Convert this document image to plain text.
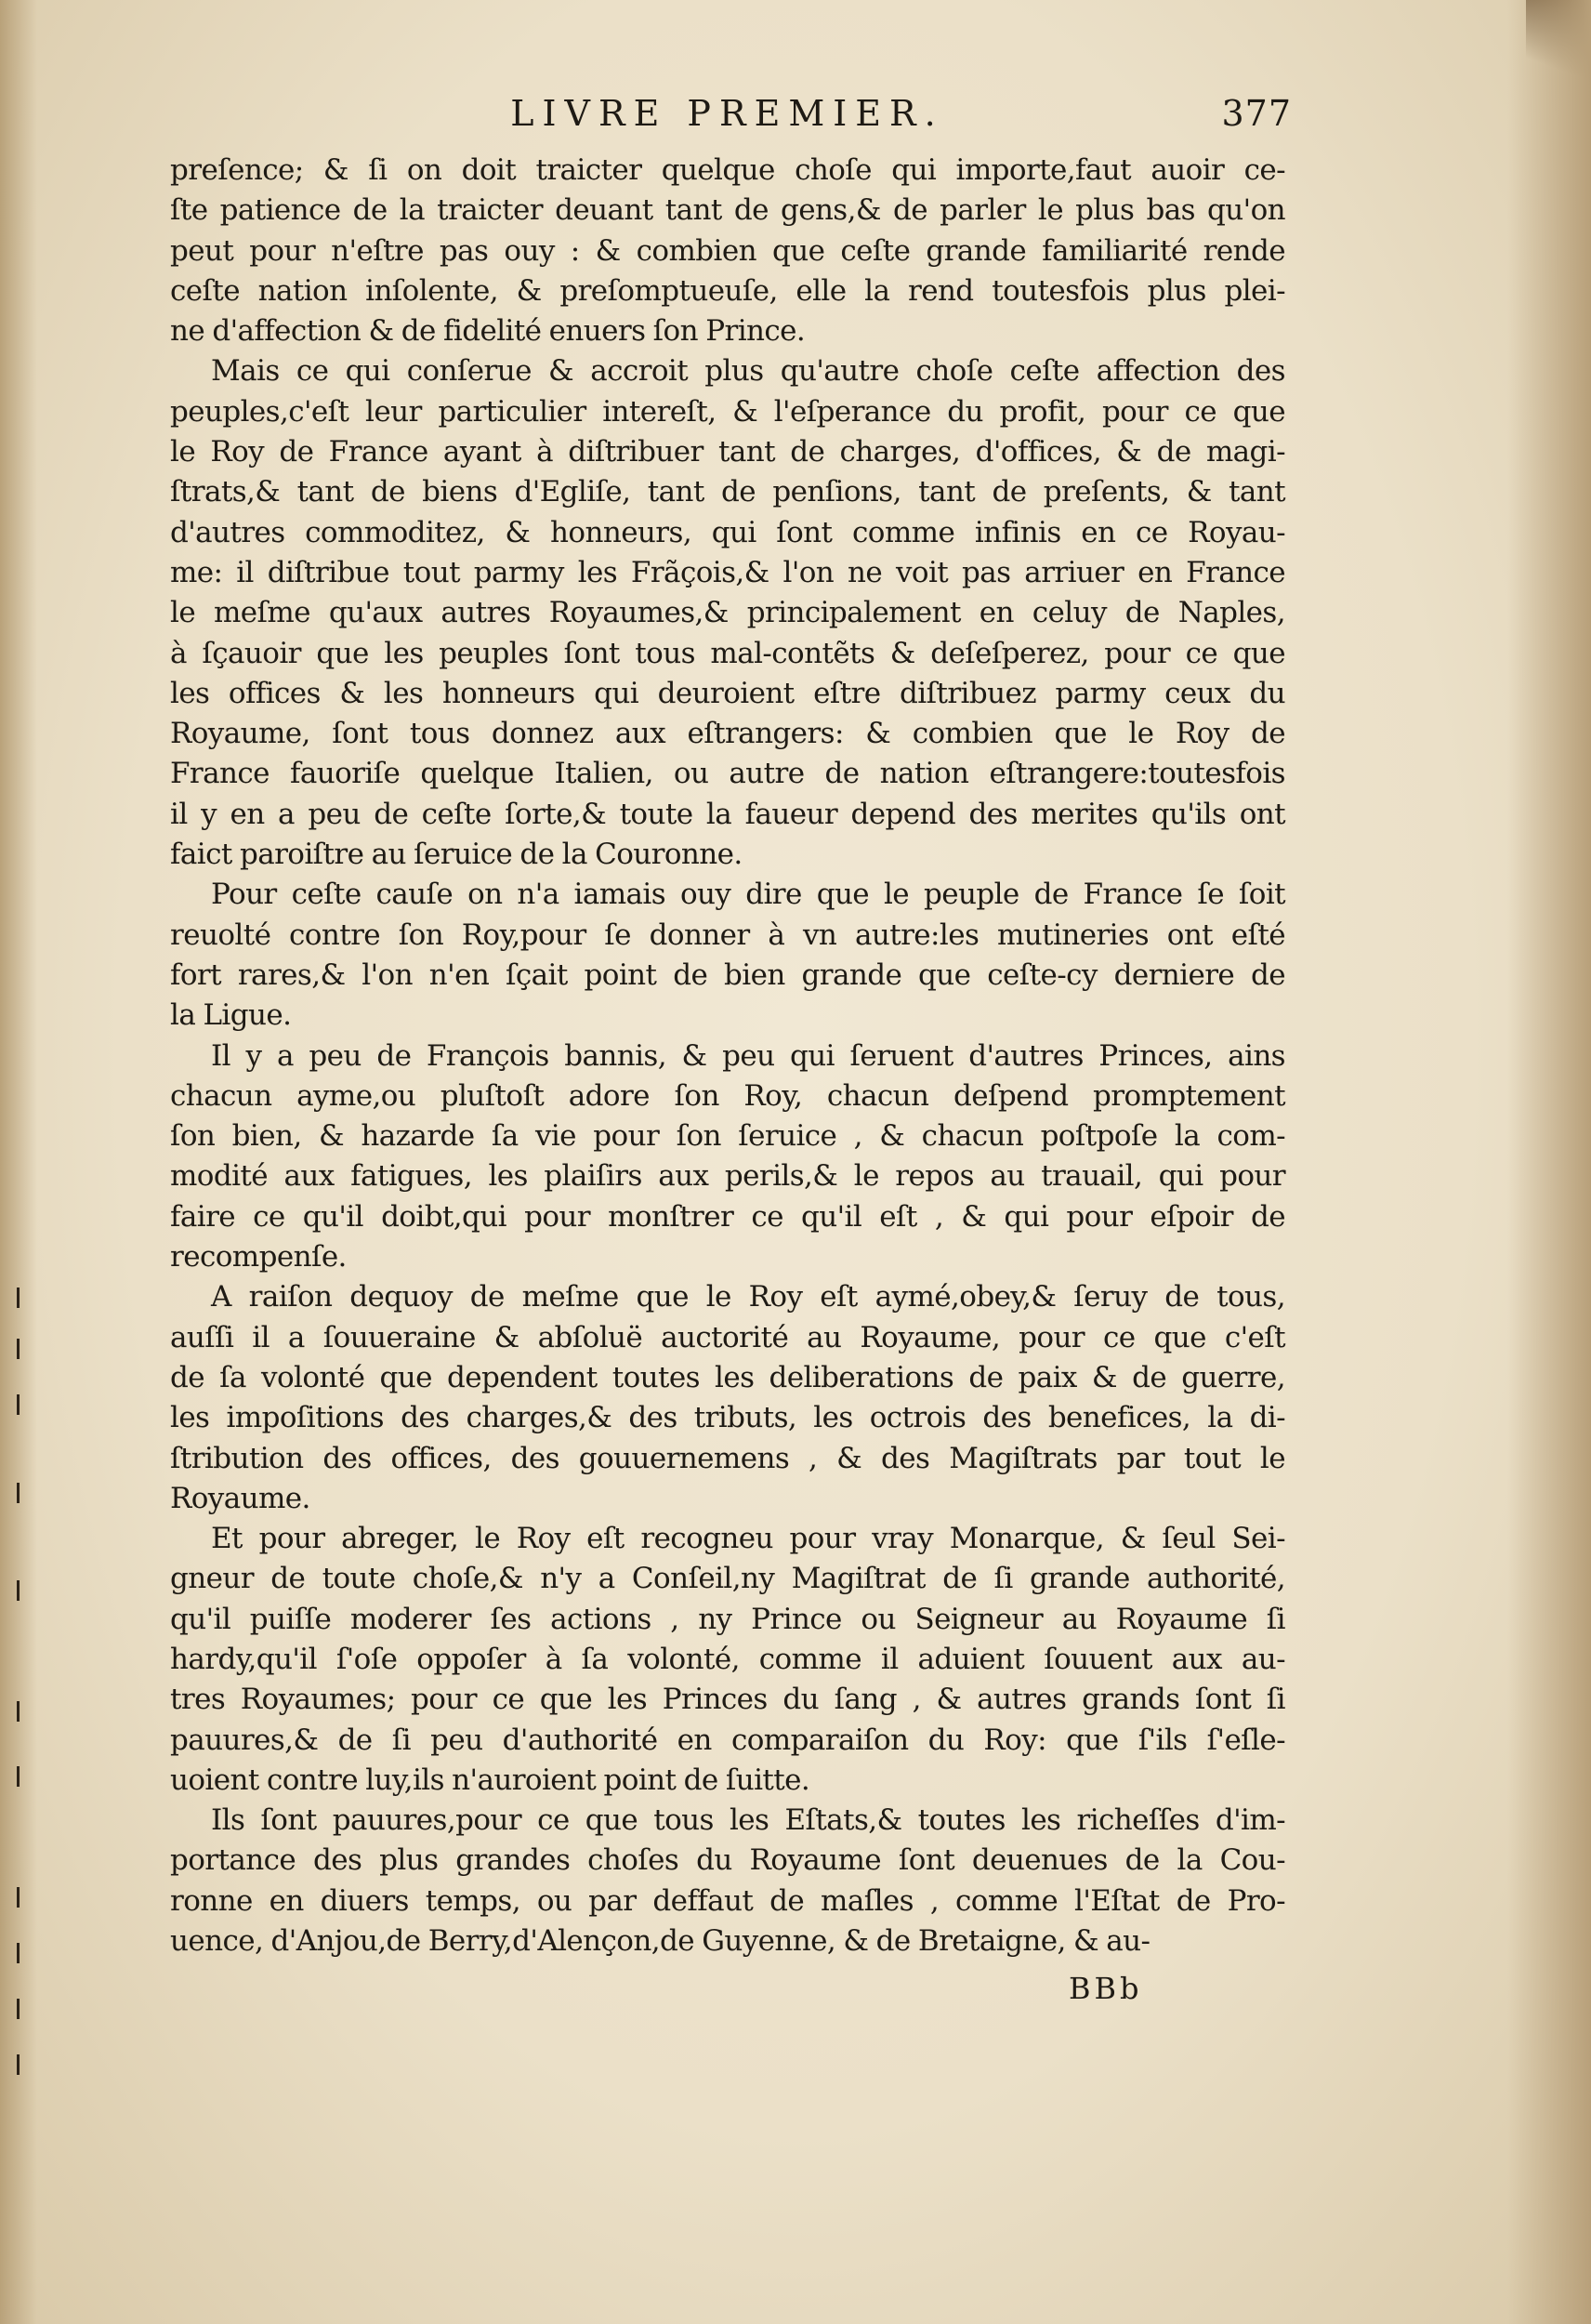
LIVRE PREMIER.	377
preſence; & ſi on doit traicter quelque choſe qui importe,faut auoir ce-
ſte patience de la traicter deuant tant de gens,& de parler le plus bas qu'on
peut pour n'eſtre pas ouy : & combien que ceſte grande familiarité rende
ceſte nation inſolente, & preſomptueuſe, elle la rend toutesfois plus plei-
ne d'affection & de fidelité enuers ſon Prince.
Mais ce qui conſerue & accroit plus qu'autre choſe ceſte affection des
peuples,c'eſt leur particulier intereſt, & l'eſperance du profit, pour ce que
le Roy de France ayant à diſtribuer tant de charges, d'offices, & de magi-
ſtrats,& tant de biens d'Egliſe, tant de penſions, tant de preſents, & tant
d'autres commoditez, & honneurs, qui ſont comme infinis en ce Royau-
me: il diſtribue tout parmy les Frãçois,& l'on ne voit pas arriuer en France
le meſme qu'aux autres Royaumes,& principalement en celuy de Naples,
à ſçauoir que les peuples ſont tous mal-contẽts & deſeſperez, pour ce que
les offices & les honneurs qui deuroient eſtre diſtribuez parmy ceux du
Royaume, ſont tous donnez aux eſtrangers: & combien que le Roy de
France fauoriſe quelque Italien, ou autre de nation eſtrangere:toutesfois
il y en a peu de ceſte ſorte,& toute la faueur depend des merites qu'ils ont
faict paroiſtre au ſeruice de la Couronne.
Pour ceſte cauſe on n'a iamais ouy dire que le peuple de France ſe ſoit
reuolté contre ſon Roy,pour ſe donner à vn autre:les mutineries ont eſté
fort rares,& l'on n'en ſçait point de bien grande que ceſte-cy derniere de
la Ligue.
Il y a peu de François bannis, & peu qui ſeruent d'autres Princes, ains
chacun ayme,ou pluſtoſt adore ſon Roy, chacun deſpend promptement
ſon bien, & hazarde ſa vie pour ſon ſeruice , & chacun poſtpoſe la com-
modité aux fatigues, les plaiſirs aux perils,& le repos au trauail, qui pour
faire ce qu'il doibt,qui pour monſtrer ce qu'il eſt , & qui pour eſpoir de
recompenſe.
A raiſon dequoy de meſme que le Roy eſt aymé,obey,& ſeruy de tous,
auſſi il a ſouueraine & abſoluë auctorité au Royaume, pour ce que c'eſt
de ſa volonté que dependent toutes les deliberations de paix & de guerre,
les impoſitions des charges,& des tributs, les octrois des benefices, la di-
ſtribution des offices, des gouuernemens , & des Magiſtrats par tout le
Royaume.
Et pour abreger, le Roy eſt recogneu pour vray Monarque, & ſeul Sei-
gneur de toute choſe,& n'y a Conſeil,ny Magiſtrat de ſi grande authorité,
qu'il puiſſe moderer ſes actions , ny Prince ou Seigneur au Royaume ſi
hardy,qu'il ſ'oſe oppoſer à ſa volonté, comme il aduient ſouuent aux au-
tres Royaumes; pour ce que les Princes du ſang , & autres grands ſont ſi
pauures,& de ſi peu d'authorité en comparaiſon du Roy: que ſ'ils ſ'eſle-
uoient contre luy,ils n'auroient point de ſuitte.
Ils ſont pauures,pour ce que tous les Eſtats,& toutes les richeſſes d'im-
portance des plus grandes choſes du Royaume ſont deuenues de la Cou-
ronne en diuers temps, ou par deffaut de maſles , comme l'Eſtat de Pro-
uence, d'Anjou,de Berry,d'Alençon,de Guyenne, & de Bretaigne, & au-
BBb
